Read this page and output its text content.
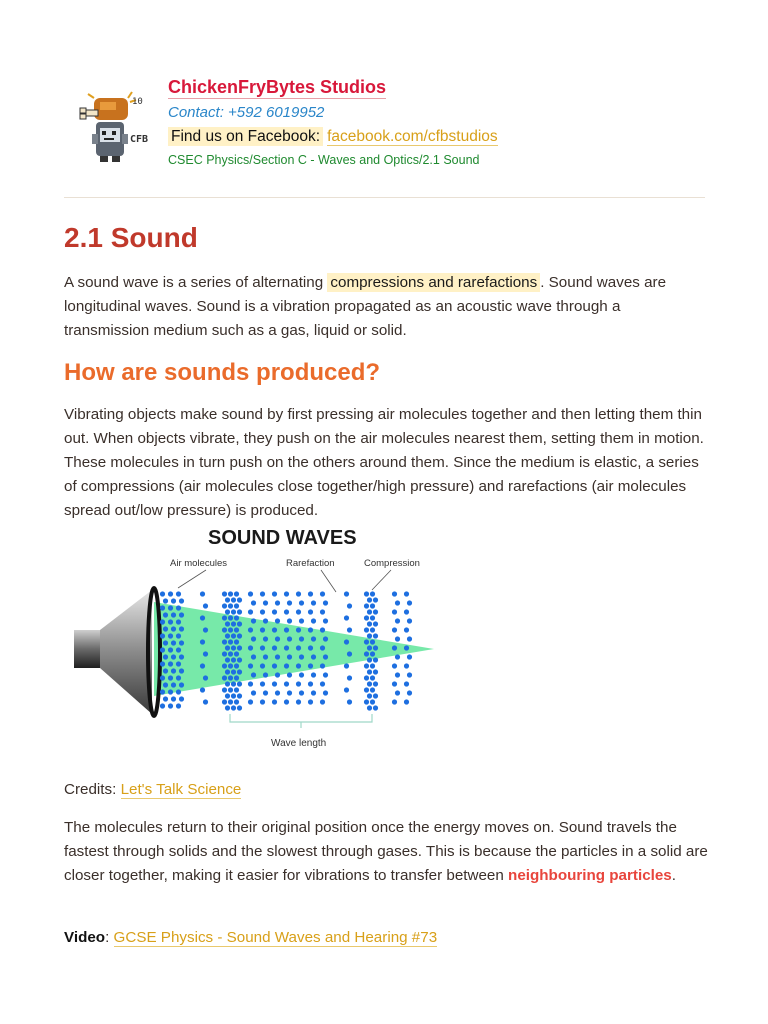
10
CFB
ChickenFryBytes Studios
Contact: +592 6019952
Find us on Facebook: facebook.com/cfbstudios
CSEC Physics/Section C - Waves and Optics/2.1 Sound
2.1 Sound

A sound wave is a series of alternating compressions and rarefactions . Sound waves are longitudinal waves. Sound is a vibration propagated as an acoustic wave through a transmission medium such as a gas, liquid or solid.

How are sounds produced?

Vibrating objects make sound by first pressing air molecules together and then letting them thin out. When objects vibrate, they push on the air molecules nearest them, setting them in motion. These molecules in turn push on the others around them. Since the medium is elastic, a series of compressions (air molecules close together/high pressure) and rarefactions (air molecules spread out/low pressure) is produced.

SOUND WAVES
Air molecules	Rarefaction	Compression
Wave length
Credits: Let's Talk Science

The molecules return to their original position once the energy moves on. Sound travels the fastest through solids and the slowest through gases. This is because the particles in a solid are closer together, making it easier for vibrations to transfer between neighbouring particles.

Video: GCSE Physics - Sound Waves and Hearing #73
